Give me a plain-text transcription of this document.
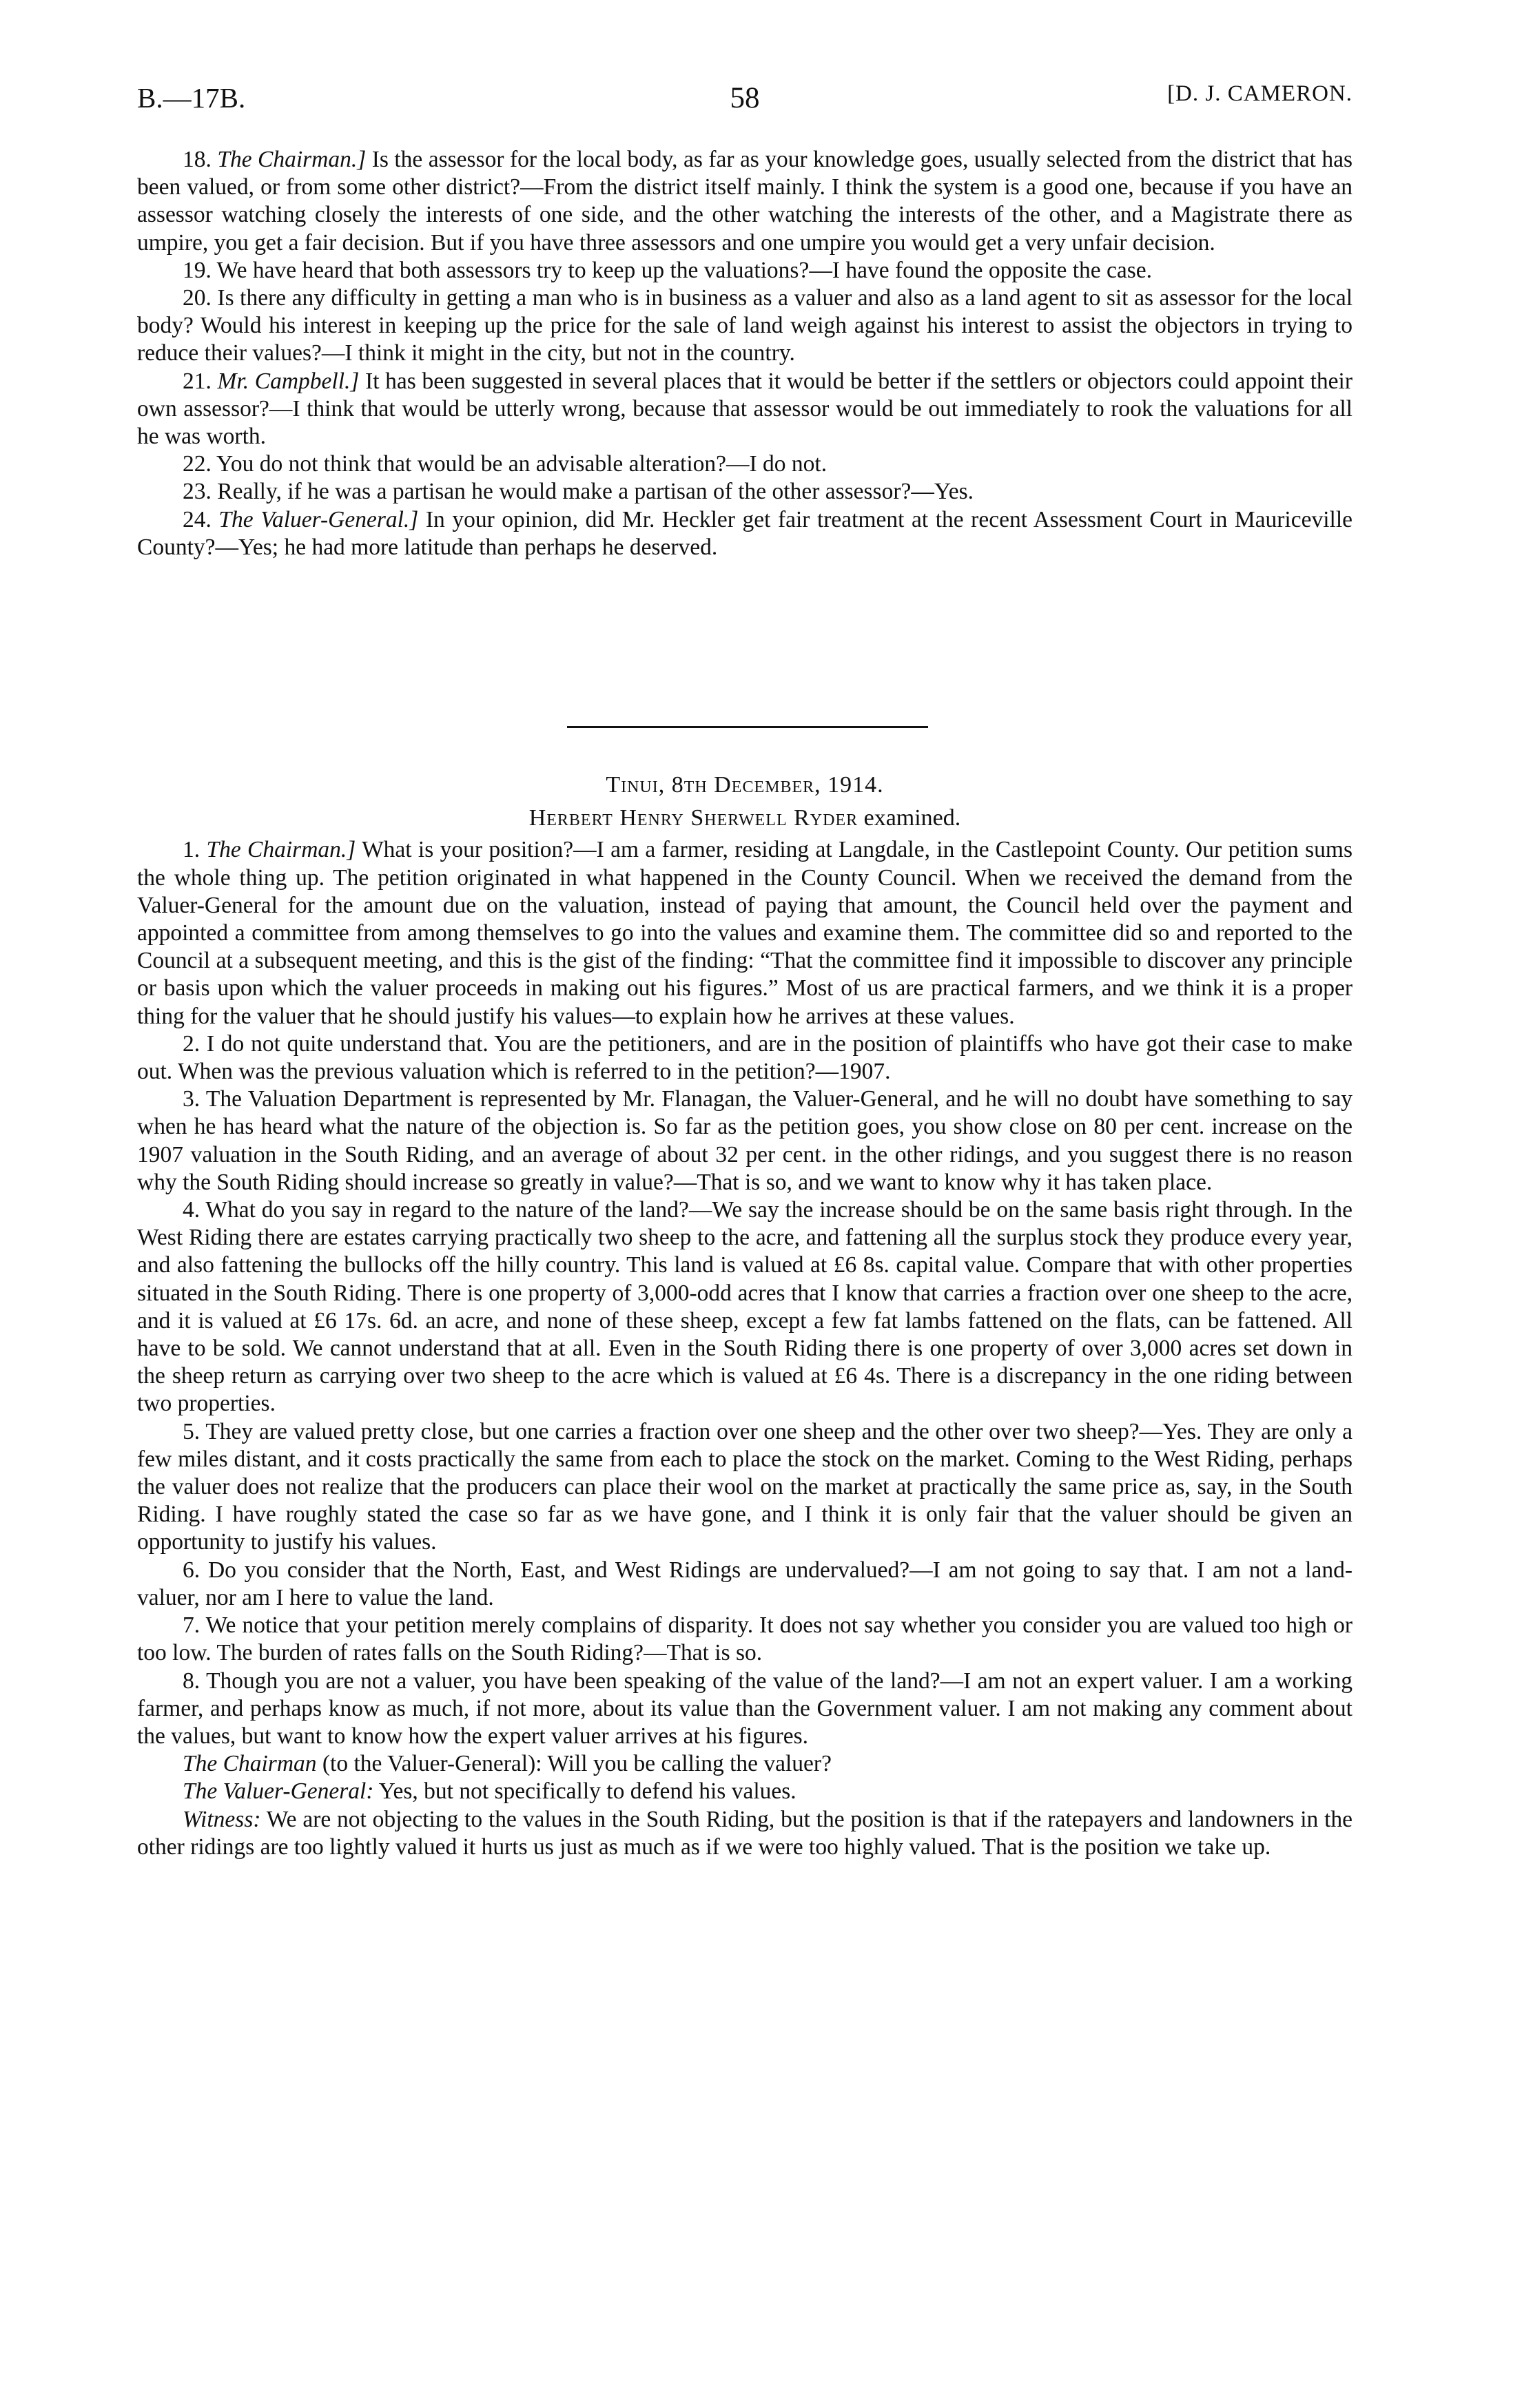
B.—17B.	58	[D. J. CAMERON.

18. The Chairman.] Is the assessor for the local body, as far as your knowledge goes, usually selected from the district that has been valued, or from some other district?—From the district itself mainly. I think the system is a good one, because if you have an assessor watching closely the interests of one side, and the other watching the interests of the other, and a Magistrate there as umpire, you get a fair decision. But if you have three assessors and one umpire you would get a very unfair decision.

19. We have heard that both assessors try to keep up the valuations?—I have found the opposite the case.

20. Is there any difficulty in getting a man who is in business as a valuer and also as a land agent to sit as assessor for the local body? Would his interest in keeping up the price for the sale of land weigh against his interest to assist the objectors in trying to reduce their values?—I think it might in the city, but not in the country.

21. Mr. Campbell.] It has been suggested in several places that it would be better if the settlers or objectors could appoint their own assessor?—I think that would be utterly wrong, because that assessor would be out immediately to rook the valuations for all he was worth.

22. You do not think that would be an advisable alteration?—I do not.

23. Really, if he was a partisan he would make a partisan of the other assessor?—Yes.

24. The Valuer-General.] In your opinion, did Mr. Heckler get fair treatment at the recent Assessment Court in Mauriceville County?—Yes; he had more latitude than perhaps he deserved.

Tinui, 8th December, 1914.
Herbert Henry Sherwell Ryder examined.

1. The Chairman.] What is your position?—I am a farmer, residing at Langdale, in the Castlepoint County. Our petition sums the whole thing up. The petition originated in what happened in the County Council. When we received the demand from the Valuer-General for the amount due on the valuation, instead of paying that amount, the Council held over the payment and appointed a committee from among themselves to go into the values and examine them. The committee did so and reported to the Council at a subsequent meeting, and this is the gist of the finding: “That the committee find it impossible to discover any principle or basis upon which the valuer proceeds in making out his figures.” Most of us are practical farmers, and we think it is a proper thing for the valuer that he should justify his values—to explain how he arrives at these values.

2. I do not quite understand that. You are the petitioners, and are in the position of plaintiffs who have got their case to make out. When was the previous valuation which is referred to in the petition?—1907.

3. The Valuation Department is represented by Mr. Flanagan, the Valuer-General, and he will no doubt have something to say when he has heard what the nature of the objection is. So far as the petition goes, you show close on 80 per cent. increase on the 1907 valuation in the South Riding, and an average of about 32 per cent. in the other ridings, and you suggest there is no reason why the South Riding should increase so greatly in value?—That is so, and we want to know why it has taken place.

4. What do you say in regard to the nature of the land?—We say the increase should be on the same basis right through. In the West Riding there are estates carrying practically two sheep to the acre, and fattening all the surplus stock they produce every year, and also fattening the bullocks off the hilly country. This land is valued at £6 8s. capital value. Compare that with other properties situated in the South Riding. There is one property of 3,000-odd acres that I know that carries a fraction over one sheep to the acre, and it is valued at £6 17s. 6d. an acre, and none of these sheep, except a few fat lambs fattened on the flats, can be fattened. All have to be sold. We cannot understand that at all. Even in the South Riding there is one property of over 3,000 acres set down in the sheep return as carrying over two sheep to the acre which is valued at £6 4s. There is a discrepancy in the one riding between two properties.

5. They are valued pretty close, but one carries a fraction over one sheep and the other over two sheep?—Yes. They are only a few miles distant, and it costs practically the same from each to place the stock on the market. Coming to the West Riding, perhaps the valuer does not realize that the producers can place their wool on the market at practically the same price as, say, in the South Riding. I have roughly stated the case so far as we have gone, and I think it is only fair that the valuer should be given an opportunity to justify his values.

6. Do you consider that the North, East, and West Ridings are undervalued?—I am not going to say that. I am not a land-valuer, nor am I here to value the land.

7. We notice that your petition merely complains of disparity. It does not say whether you consider you are valued too high or too low. The burden of rates falls on the South Riding?—That is so.

8. Though you are not a valuer, you have been speaking of the value of the land?—I am not an expert valuer. I am a working farmer, and perhaps know as much, if not more, about its value than the Government valuer. I am not making any comment about the values, but want to know how the expert valuer arrives at his figures.

The Chairman (to the Valuer-General): Will you be calling the valuer?

The Valuer-General: Yes, but not specifically to defend his values.

Witness: We are not objecting to the values in the South Riding, but the position is that if the ratepayers and landowners in the other ridings are too lightly valued it hurts us just as much as if we were too highly valued. That is the position we take up.
